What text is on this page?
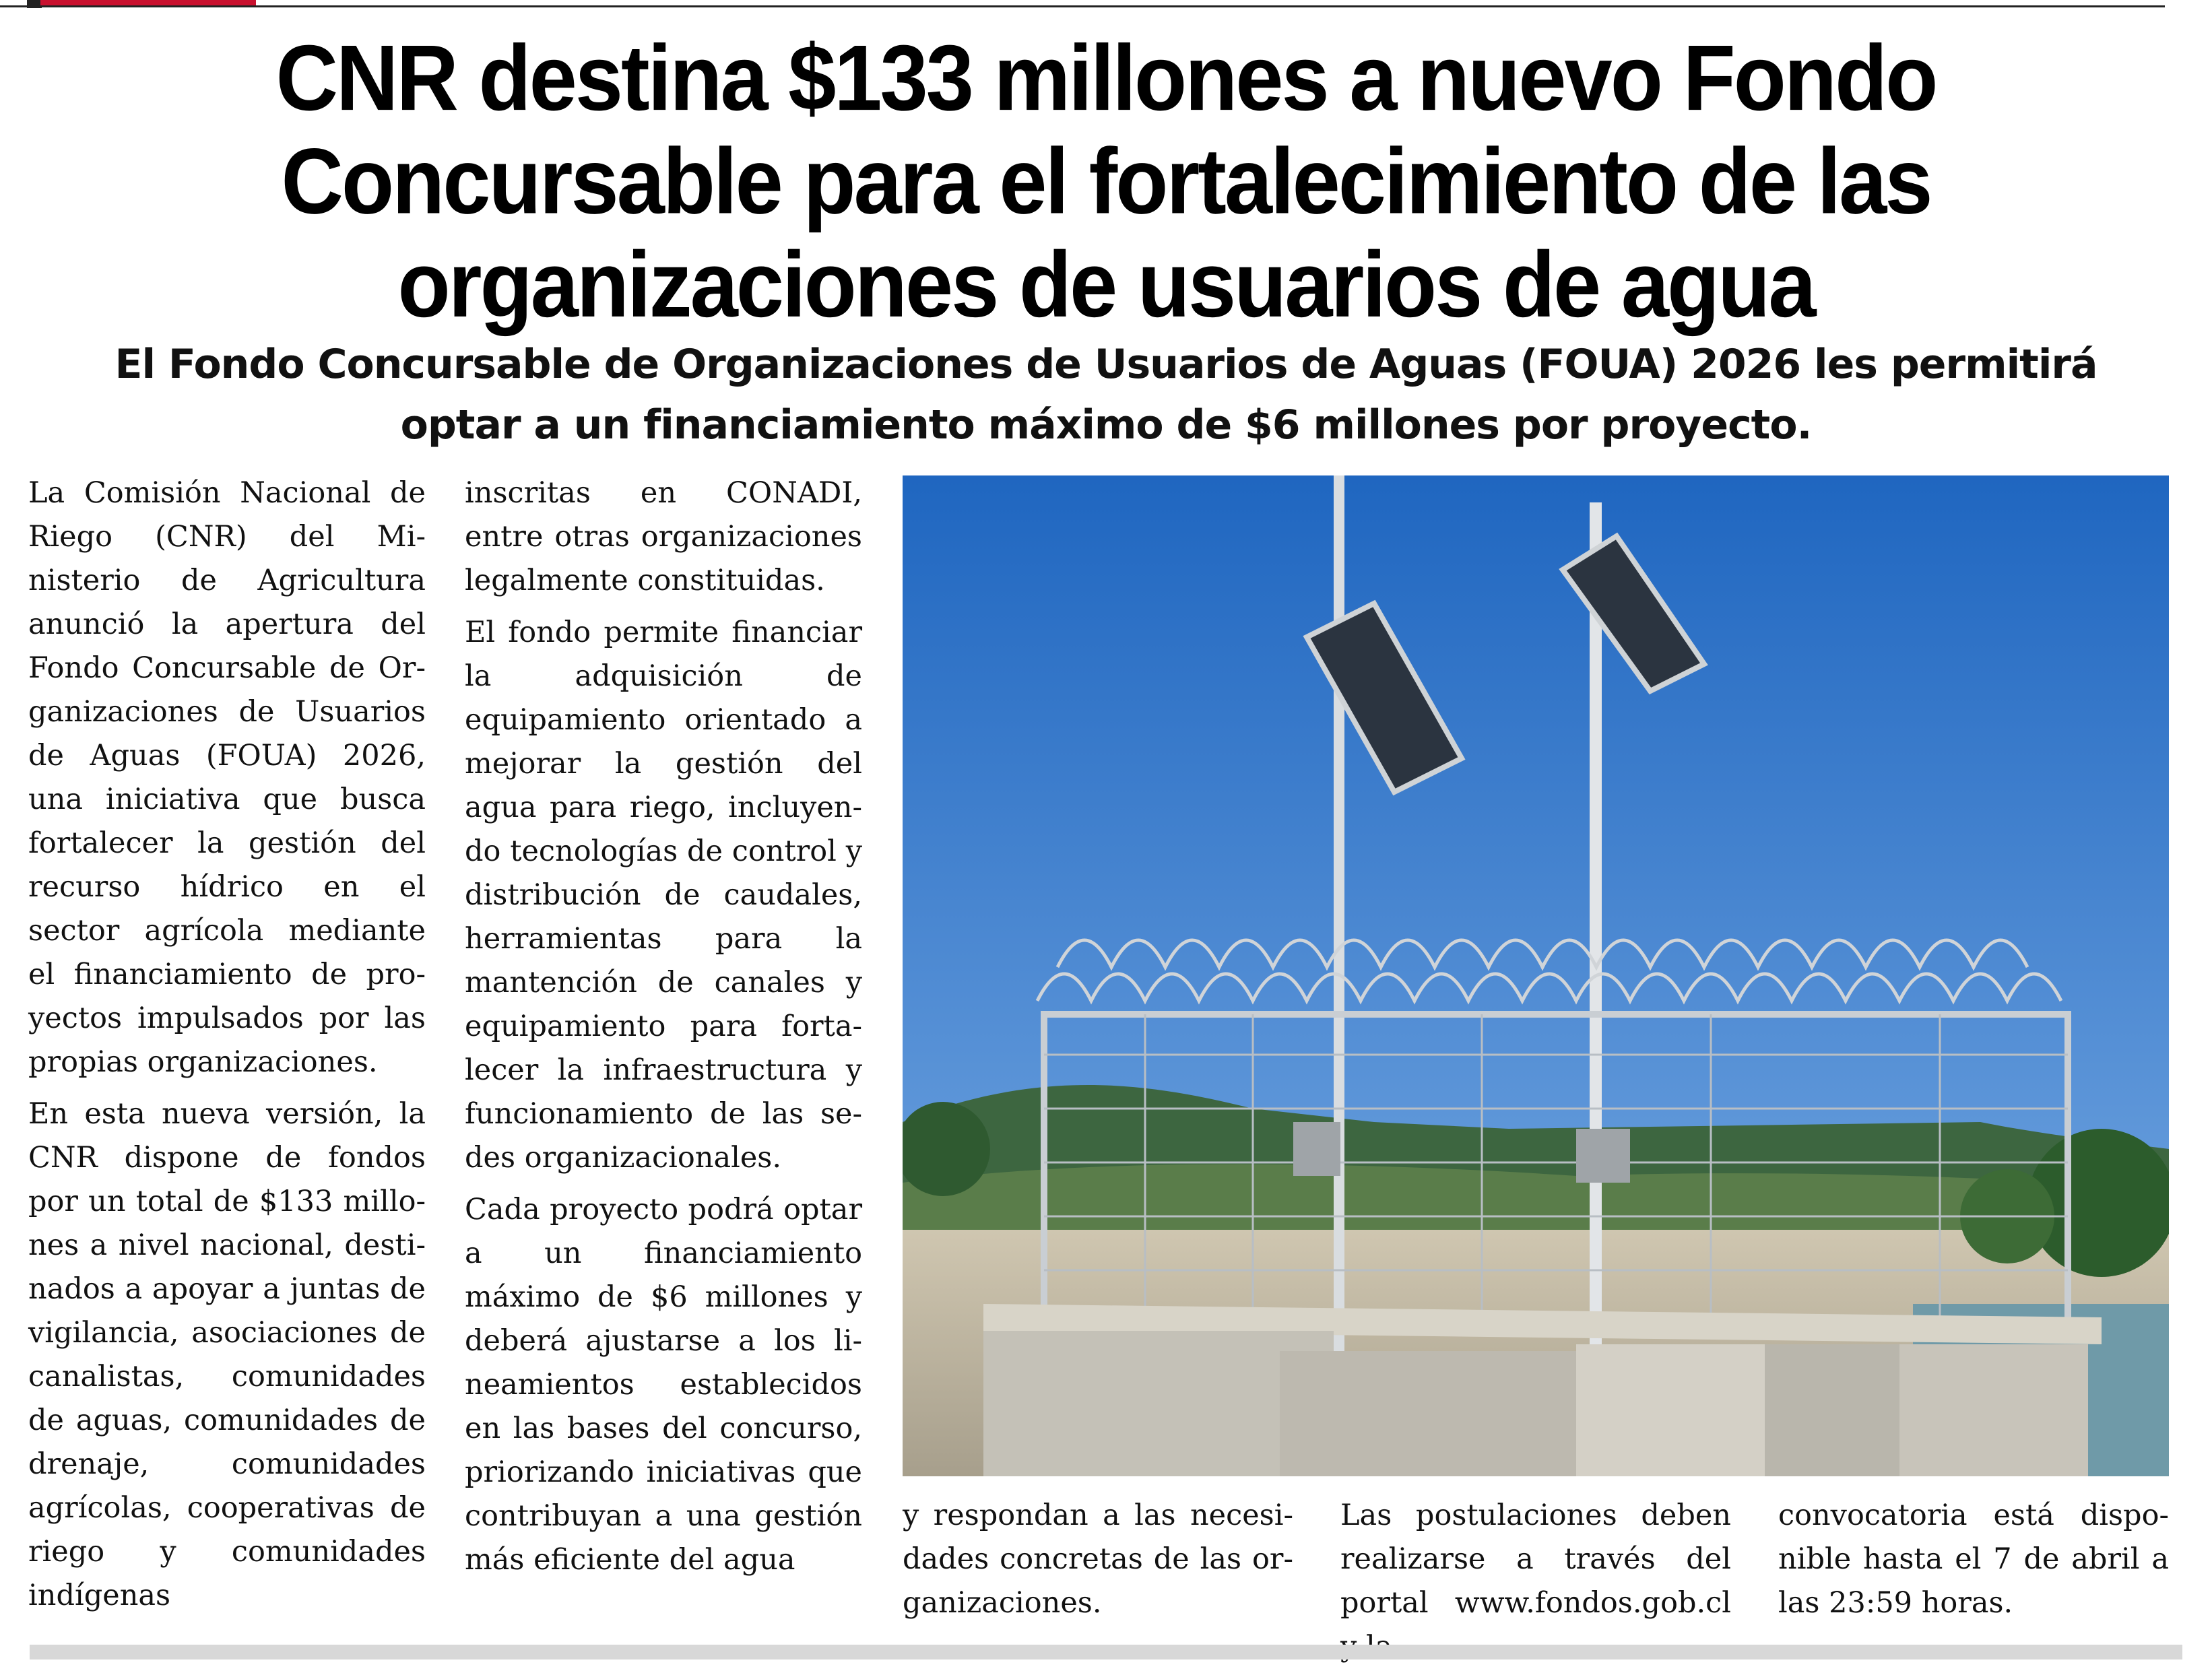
CNR destina $133 millones a nuevo Fondo Concursable para el fortalecimiento de las organizaciones de usuarios de agua
El Fondo Concursable de Organizaciones de Usuarios de Aguas (FOUA) 2026 les permitirá optar a un financiamiento máximo de $6 millones por proyecto.

La Comisión Nacional de Riego (CNR) del Ministerio de Agricultura anunció la apertura del Fondo Concursable de Organizaciones de Usuarios de Aguas (FOUA) 2026, una iniciativa que busca fortalecer la gestión del recurso hídrico en el sector agrícola mediante el financiamiento de proyectos impulsados por las propias organizaciones.

En esta nueva versión, la CNR dispone de fondos por un total de $133 millones a nivel nacional, destinados a apoyar a juntas de vigilancia, asociaciones de canalistas, comunidades de aguas, comunidades de drenaje, comunidades agrícolas, cooperativas de riego y comunidades indígenas

inscritas en CONADI, entre otras organizaciones legalmente constituidas.

El fondo permite financiar la adquisición de equipamiento orientado a mejorar la gestión del agua para riego, incluyendo tecnologías de control y distribución de caudales, herramientas para la mantención de canales y equipamiento para fortalecer la infraestructura y funcionamiento de las sedes organizacionales.

Cada proyecto podrá optar a un financiamiento máximo de $6 millones y deberá ajustarse a los lineamientos establecidos en las bases del concurso, priorizando iniciativas que contribuyan a una gestión más eficiente del agua

y respondan a las necesidades concretas de las organizaciones.

Las postulaciones deben realizarse a través del portal www.fondos.gob.cl

convocatoria está disponible hasta el 7 de abril a las 23:59 horas.
